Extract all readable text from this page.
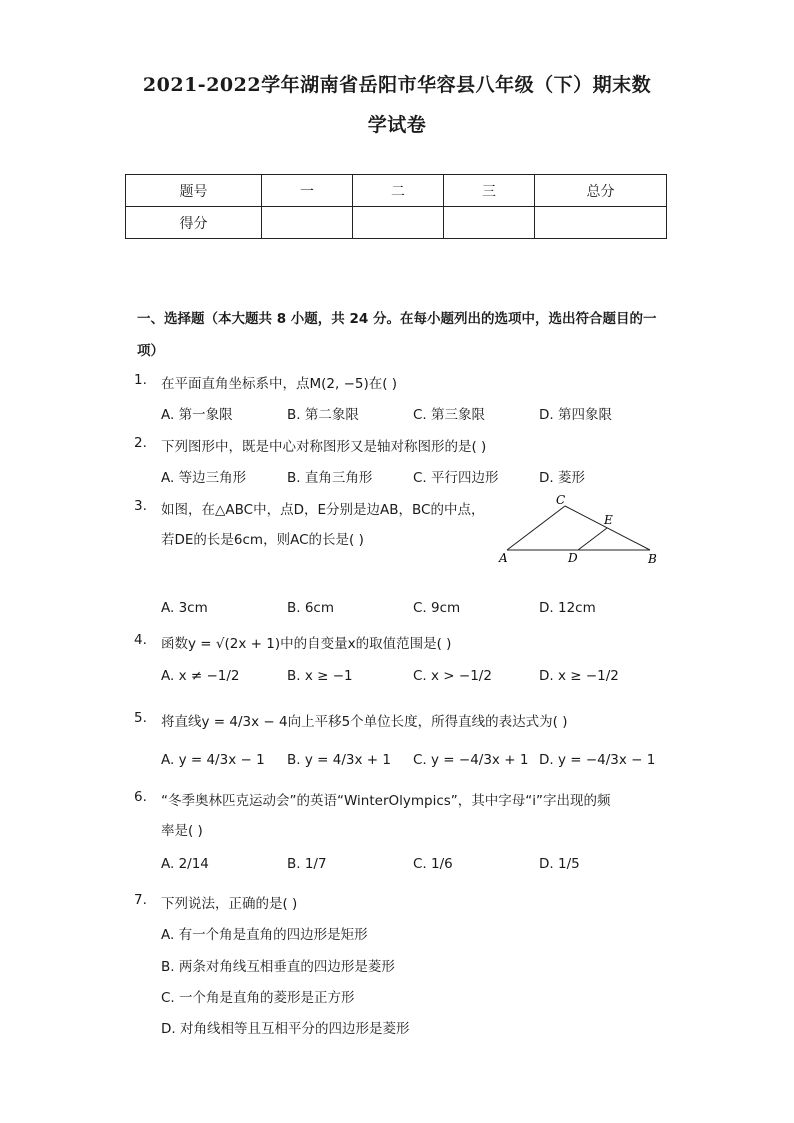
2021-2022学年湖南省岳阳市华容县八年级（下）期末数
学试卷
题号	一	二	三	总分
得分				
一、选择题（本大题共 8 小题，共 24 分。在每小题列出的选项中，选出符合题目的一
项）
1. 在平面直角坐标系中，点M(2, −5)在( )
A. 第一象限	B. 第二象限	C. 第三象限	D. 第四象限
2. 下列图形中，既是中心对称图形又是轴对称图形的是( )
A. 等边三角形	B. 直角三角形	C. 平行四边形	D. 菱形
3. 如图，在△ABC中，点D，E分别是边AB，BC的中点，
若DE的长是6cm，则AC的长是( )
C
E
A	D	B
A. 3cm	B. 6cm	C. 9cm	D. 12cm
4. 函数y = √(2x + 1)中的自变量x的取值范围是( )
A. x ≠ −1/2	B. x ≥ −1	C. x > −1/2	D. x ≥ −1/2
5. 将直线y = 4/3x − 4向上平移5个单位长度，所得直线的表达式为( )
A. y = 4/3x − 1 B. y = 4/3x + 1 C. y = −4/3x + 1 D. y = −4/3x − 1
6. “冬季奥林匹克运动会”的英语“WinterOlympics”，其中字母“i”字出现的频
率是( )
A. 2/14	B. 1/7	C. 1/6	D. 1/5
7. 下列说法，正确的是( )
A. 有一个角是直角的四边形是矩形
B. 两条对角线互相垂直的四边形是菱形
C. 一个角是直角的菱形是正方形
D. 对角线相等且互相平分的四边形是菱形
